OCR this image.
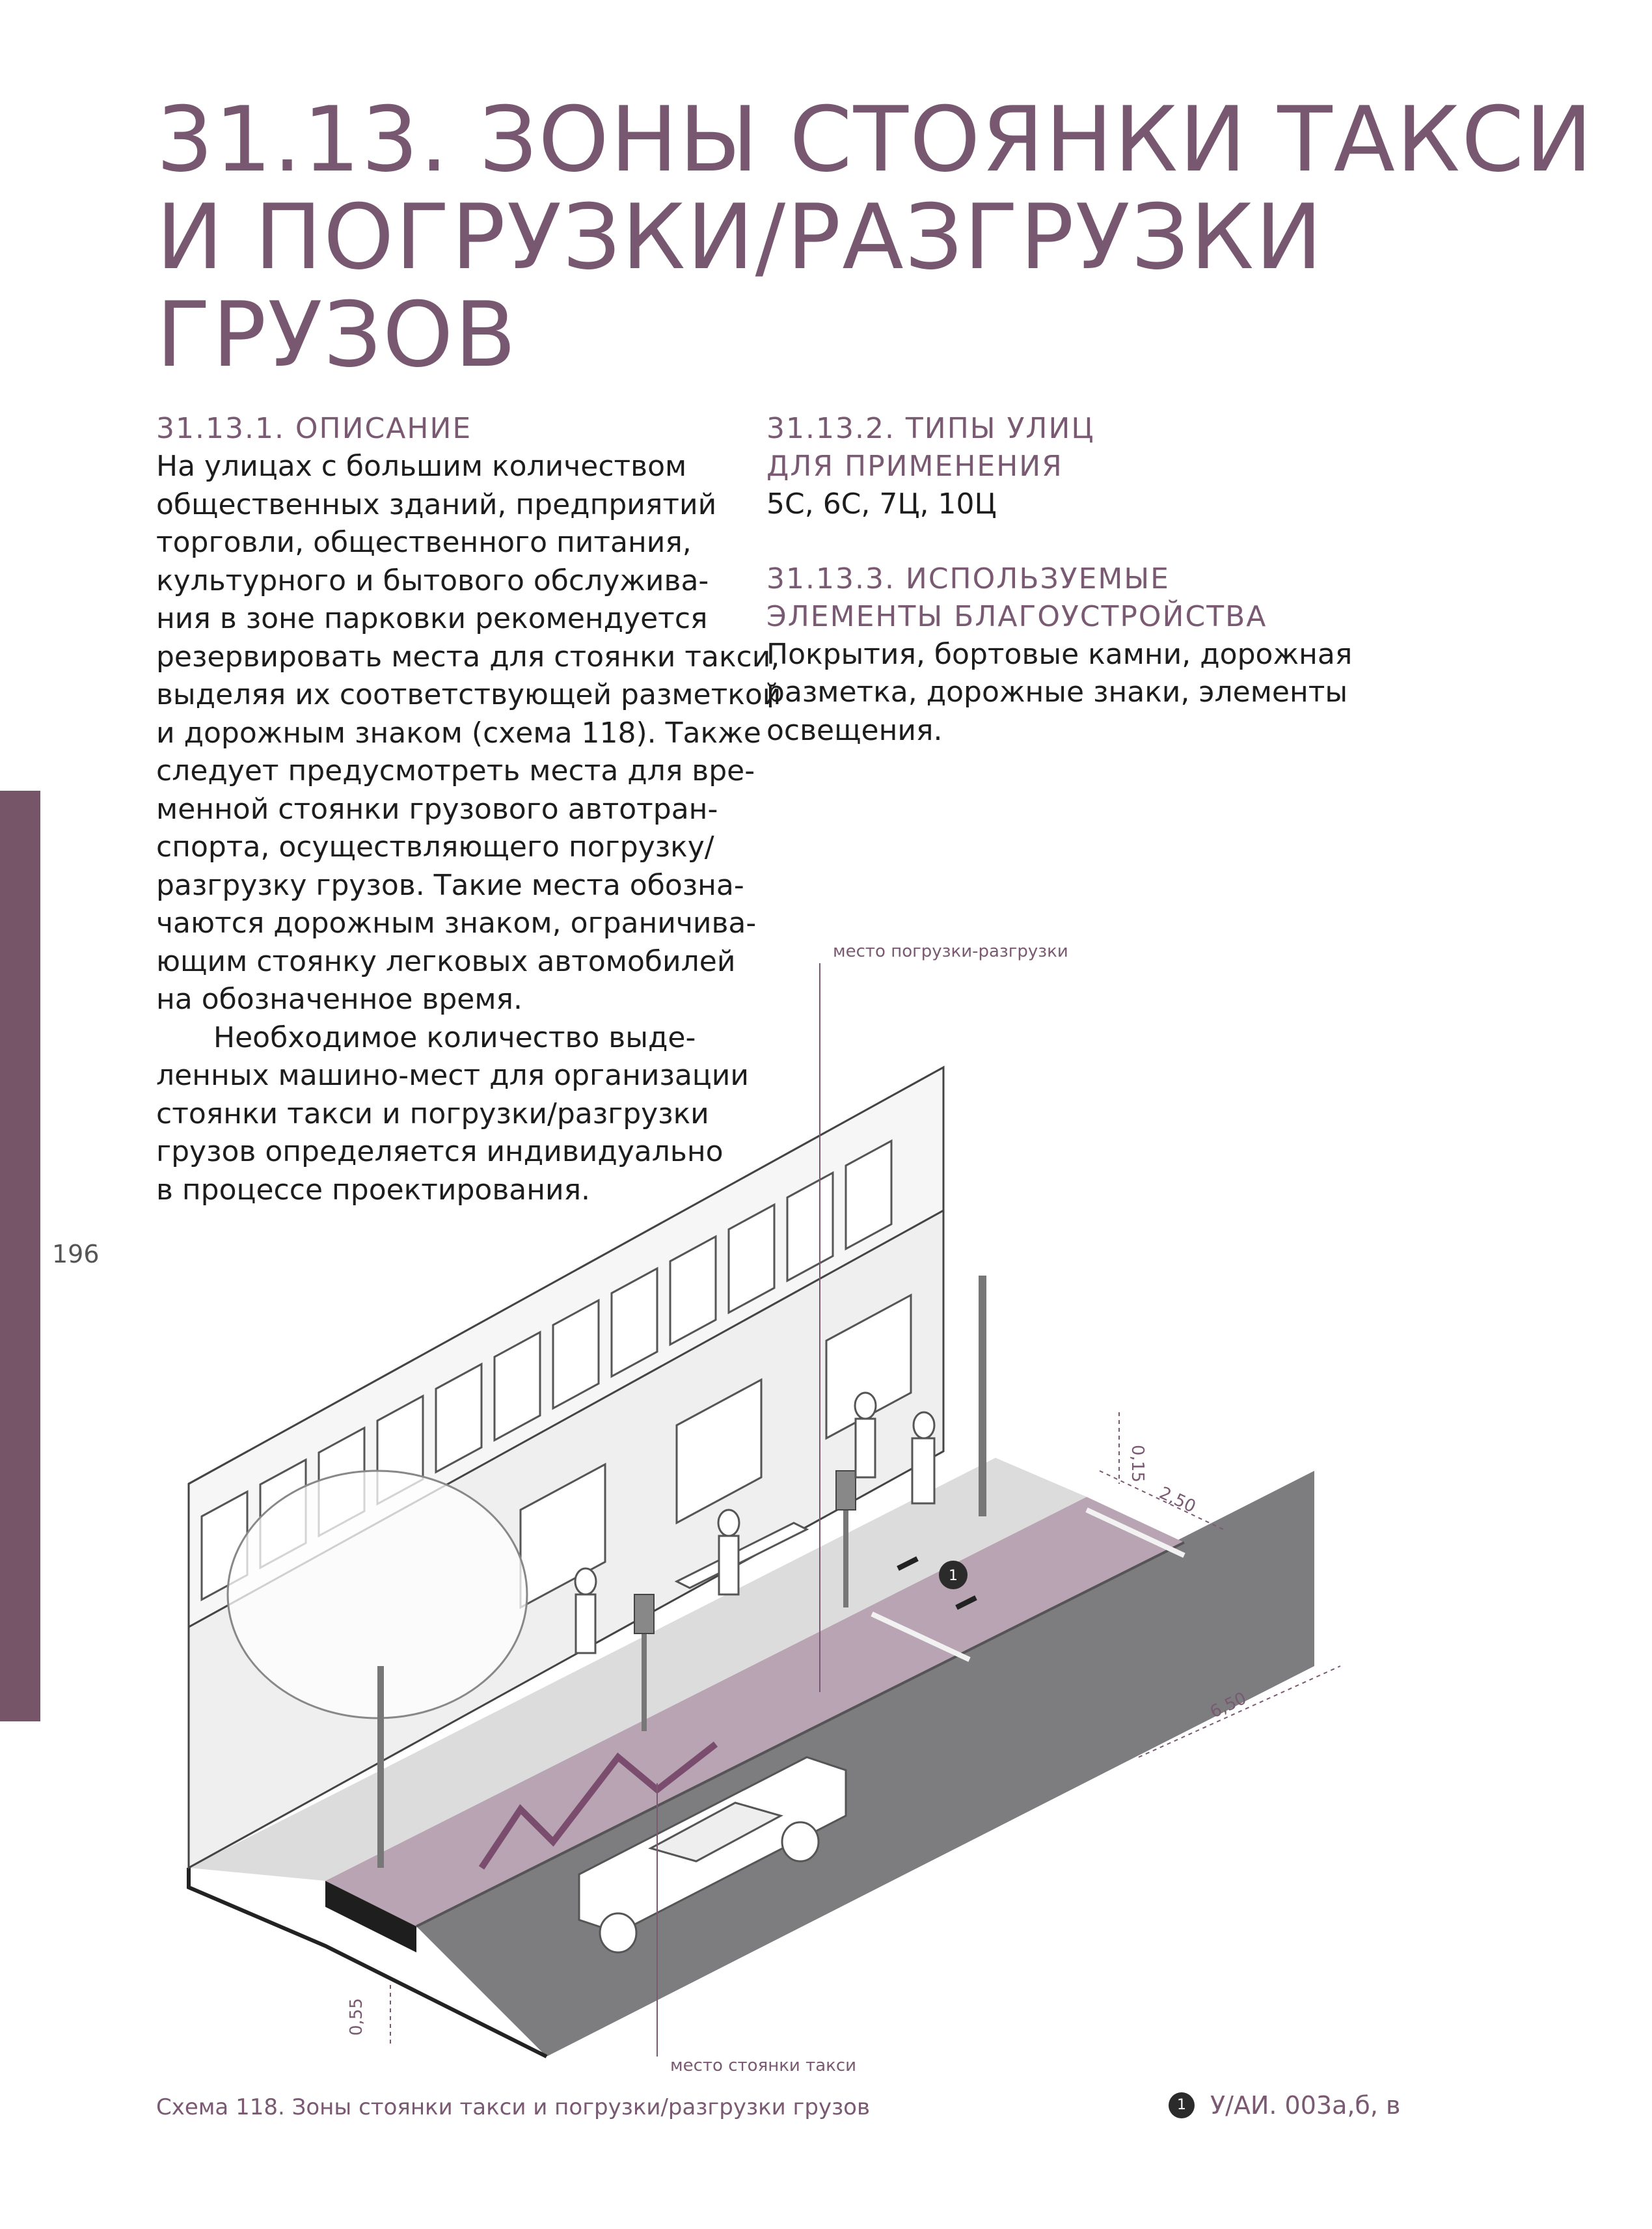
31.13. ЗОНЫ СТОЯНКИ ТАКСИ
И ПОГРУЗКИ/РАЗГРУЗКИ
ГРУЗОВ
196
31.13.1. ОПИСАНИЕ
На улицах с большим количеством
общественных зданий, предприятий
торговли, общественного питания,
культурного и бытового обслужива-
ния в зоне парковки рекомендуется
резервировать места для стоянки такси,
выделяя их соответствующей разметкой
и дорожным знаком (схема 118). Также
следует предусмотреть места для вре-
менной стоянки грузового автотран-
спорта, осуществляющего погрузку/
разгрузку грузов. Такие места обозна-
чаются дорожным знаком, ограничива-
ющим стоянку легковых автомобилей
на обозначенное время.
Необходимое количество выде-
ленных машино-мест для организации
стоянки такси и погрузки/разгрузки
грузов определяется индивидуально
в процессе проектирования.
31.13.2. ТИПЫ УЛИЦ
ДЛЯ ПРИМЕНЕНИЯ
5С, 6С, 7Ц, 10Ц
31.13.3. ИСПОЛЬЗУЕМЫЕ
ЭЛЕМЕНТЫ БЛАГОУСТРОЙСТВА
Покрытия, бортовые камни, дорожная
разметка, дорожные знаки, элементы
освещения.
1
место погрузки-разгрузки
место стоянки такси
0,15
2,50
6,50
0,55
Схема 118. Зоны стоянки такси и погрузки/разгрузки грузов	1 У/АИ. 003а,б, в
